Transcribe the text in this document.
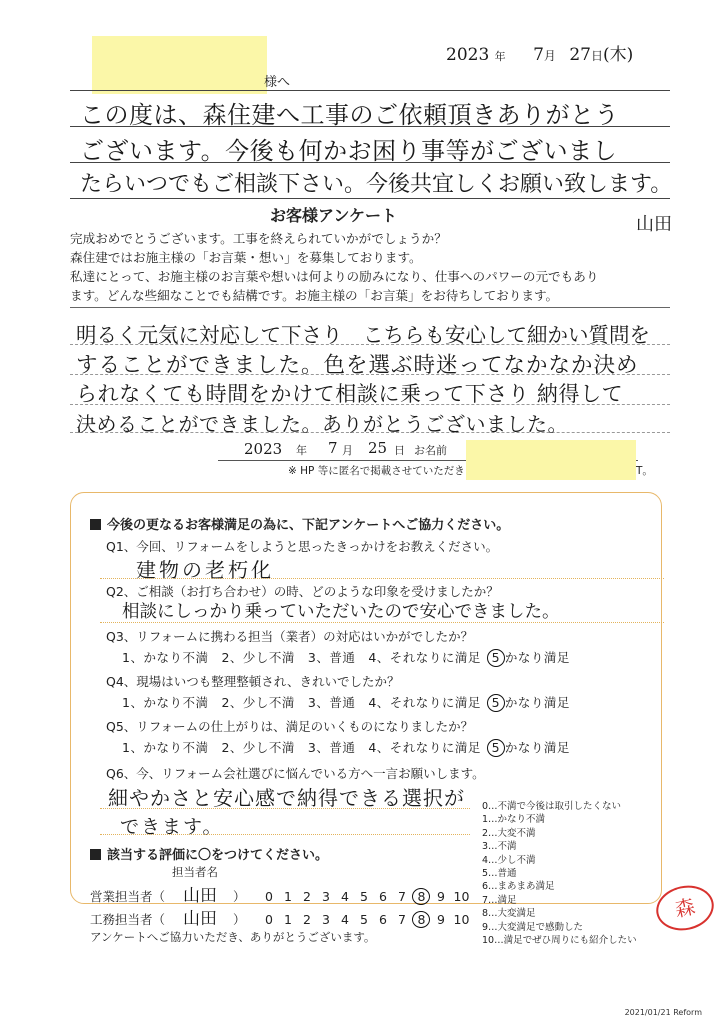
2023 年 7月 27日(木)
様へ
この度は、森住建へ工事のご依頼頂きありがとう
ございます。今後も何かお困り事等がございまし
たらいつでもご相談下さい。今後共宜しくお願い致します。
山田
お客様アンケート
完成おめでとうございます。工事を終えられていかがでしょうか？
森住建ではお施主様の「お言葉・想い」を募集しております。
私達にとって、お施主様のお言葉や想いは何よりの励みになり、仕事へのパワーの元でもあり
ます。どんな些細なことでも結構です。お施主様の「お言葉」をお待ちしております。
明るく元気に対応して下さり　こちらも安心して細かい質問を
することができました。色を選ぶ時迷ってなかなか決め
られなくても時間をかけて相談に乗って下さり 納得して
決めることができました。ありがとうございました。
2023 年 7 月 25 日 お名前
※ HP 等に匿名で掲載させていただき	T。
今後の更なるお客様満足の為に、下記アンケートへご協力ください。
Q1、今回、リフォームをしようと思ったきっかけをお教えください。
建物の老朽化
Q2、ご相談（お打ち合わせ）の時、どのような印象を受けましたか？
相談にしっかり乗っていただいたので安心できました。
Q3、リフォームに携わる担当（業者）の対応はいかがでしたか？
1、かなり不満　2、少し不満　3、普通　4、それなりに満足 5 かなり満足
Q4、現場はいつも整理整頓され、きれいでしたか？
1、かなり不満　2、少し不満　3、普通　4、それなりに満足 5 かなり満足
Q5、リフォームの仕上がりは、満足のいくものになりましたか？
1、かなり不満　2、少し不満　3、普通　4、それなりに満足 5 かなり満足
Q6、今、リフォーム会社選びに悩んでいる方へ一言お願いします。
細やかさと安心感で納得できる選択が
できます。
該当する評価に〇をつけてください。
担当者名
営業担当者（ 山田 ） 0 1 2 3 4 5 6 7 8 9 10
工務担当者（ 山田 ） 0 1 2 3 4 5 6 7 8 9 10
アンケートへご協力いただき、ありがとうございます。
0…不満で今後は取引したくない
1…かなり不満
2…大変不満
3…不満
4…少し不満
5…普通
6…まあまあ満足
7…満足
8…大変満足
9…大変満足で感動した
10…満足でぜひ周りにも紹介したい
森
2021/01/21 Reform
